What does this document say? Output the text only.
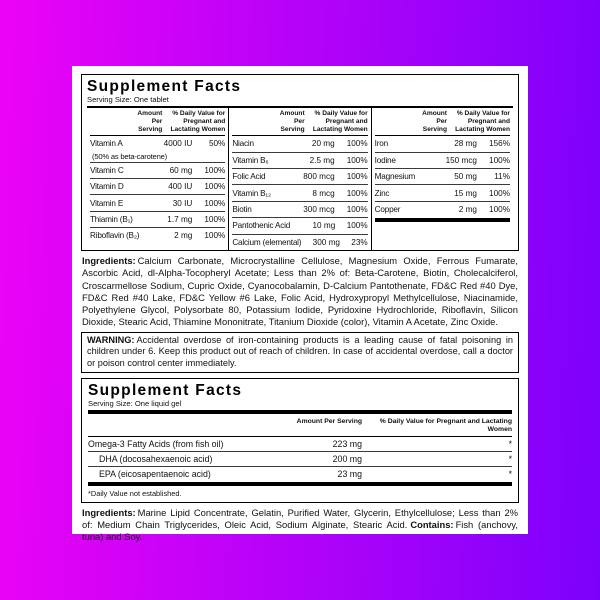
Supplement Facts
Serving Size: One tablet
Amount Per Serving
% Daily Value for Pregnant and Lactating Women
Vitamin A	4000 IU	50%
(50% as beta-carotene)
Vitamin C	60 mg	100%
Vitamin D	400 IU	100%
Vitamin E	30 IU	100%
Thiamin (B₁)	1.7 mg	100%
Riboflavin (B₂)	2 mg	100%
Amount Per Serving
% Daily Value for Pregnant and Lactating Women
Niacin	20 mg	100%
Vitamin B₆	2.5 mg	100%
Folic Acid	800 mcg	100%
Vitamin B₁₂	8 mcg	100%
Biotin	300 mcg	100%
Pantothenic Acid	10 mg	100%
Calcium (elemental)	300 mg	23%
Amount Per Serving
% Daily Value for Pregnant and Lactating Women
Iron	28 mg	156%
Iodine	150 mcg	100%
Magnesium	50 mg	11%
Zinc	15 mg	100%
Copper	2 mg	100%

Ingredients: Calcium Carbonate, Microcrystalline Cellulose, Magnesium Oxide, Ferrous Fumarate, Ascorbic Acid, dl-Alpha-Tocopheryl Acetate; Less than 2% of: Beta-Carotene, Biotin, Cholecalciferol, Croscarmellose Sodium, Cupric Oxide, Cyanocobalamin, D-Calcium Pantothenate, FD&C Red #40 Dye, FD&C Red #40 Lake, FD&C Yellow #6 Lake, Folic Acid, Hydroxypropyl Methylcellulose, Niacinamide, Polyethylene Glycol, Polysorbate 80, Potassium Iodide, Pyridoxine Hydrochloride, Riboflavin, Silicon Dioxide, Stearic Acid, Thiamine Mononitrate, Titanium Dioxide (color), Vitamin A Acetate, Zinc Oxide.

WARNING: Accidental overdose of iron-containing products is a leading cause of fatal poisoning in children under 6. Keep this product out of reach of children. In case of accidental overdose, call a doctor or poison control center immediately.
Supplement Facts
Serving Size: One liquid gel
Amount Per Serving	% Daily Value for Pregnant and Lactating Women
Omega-3 Fatty Acids (from fish oil)	223 mg	*
DHA (docosahexaenoic acid)	200 mg	*
EPA (eicosapentaenoic acid)	23 mg	*
*Daily Value not established.

Ingredients: Marine Lipid Concentrate, Gelatin, Purified Water, Glycerin, Ethylcellulose; Less than 2% of: Medium Chain Triglycerides, Oleic Acid, Sodium Alginate, Stearic Acid. Contains: Fish (anchovy, tuna) and Soy.
